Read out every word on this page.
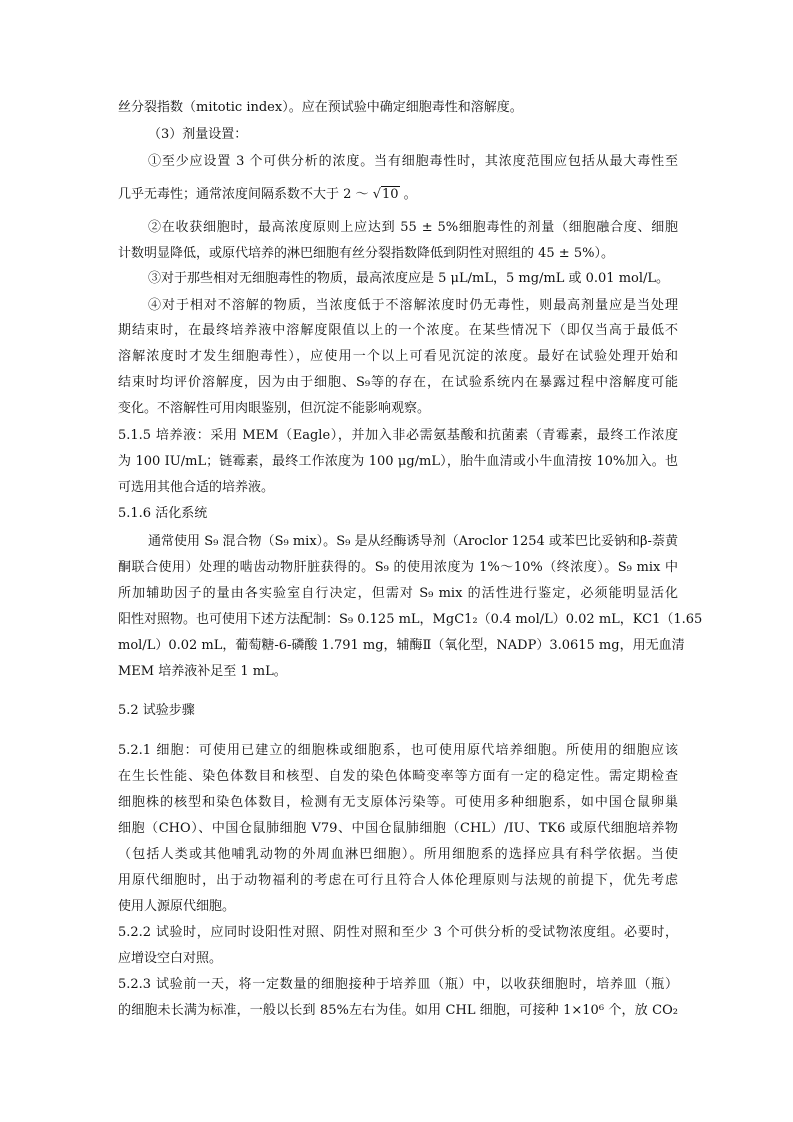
丝分裂指数（mitotic index）。应在预试验中确定细胞毒性和溶解度。
（3）剂量设置：
①至少应设置 3 个可供分析的浓度。当有细胞毒性时，其浓度范围应包括从最大毒性至
几乎无毒性；通常浓度间隔系数不大于 2 ～ √10 。
②在收获细胞时，最高浓度原则上应达到 55 ± 5%细胞毒性的剂量（细胞融合度、细胞
计数明显降低，或原代培养的淋巴细胞有丝分裂指数降低到阴性对照组的 45 ± 5%）。
③对于那些相对无细胞毒性的物质，最高浓度应是 5 μL/mL，5 mg/mL 或 0.01 mol/L。
④对于相对不溶解的物质，当浓度低于不溶解浓度时仍无毒性，则最高剂量应是当处理
期结束时，在最终培养液中溶解度限值以上的一个浓度。在某些情况下（即仅当高于最低不
溶解浓度时才发生细胞毒性），应使用一个以上可看见沉淀的浓度。最好在试验处理开始和
结束时均评价溶解度，因为由于细胞、S₉等的存在，在试验系统内在暴露过程中溶解度可能
变化。不溶解性可用肉眼鉴别，但沉淀不能影响观察。
5.1.5 培养液：采用 MEM（Eagle），并加入非必需氨基酸和抗菌素（青霉素，最终工作浓度
为 100 IU/mL；链霉素，最终工作浓度为 100 μg/mL），胎牛血清或小牛血清按 10%加入。也
可选用其他合适的培养液。
5.1.6 活化系统
通常使用 S₉ 混合物（S₉ mix）。S₉ 是从经酶诱导剂（Aroclor 1254 或苯巴比妥钠和β-萘黄
酮联合使用）处理的啮齿动物肝脏获得的。S₉ 的使用浓度为 1%～10%（终浓度）。S₉ mix 中
所加辅助因子的量由各实验室自行决定，但需对 S₉ mix 的活性进行鉴定，必须能明显活化
阳性对照物。也可使用下述方法配制：S₉ 0.125 mL，MgC1₂（0.4 mol/L）0.02 mL，KC1（1.65
mol/L）0.02 mL，葡萄糖-6-磷酸 1.791 mg，辅酶Ⅱ（氧化型，NADP）3.0615 mg，用无血清
MEM 培养液补足至 1 mL。
5.2 试验步骤
5.2.1 细胞：可使用已建立的细胞株或细胞系，也可使用原代培养细胞。所使用的细胞应该
在生长性能、染色体数目和核型、自发的染色体畸变率等方面有一定的稳定性。需定期检查
细胞株的核型和染色体数目，检测有无支原体污染等。可使用多种细胞系，如中国仓鼠卵巢
细胞（CHO）、中国仓鼠肺细胞 V79、中国仓鼠肺细胞（CHL）/IU、TK6 或原代细胞培养物
（包括人类或其他哺乳动物的外周血淋巴细胞）。所用细胞系的选择应具有科学依据。当使
用原代细胞时，出于动物福利的考虑在可行且符合人体伦理原则与法规的前提下，优先考虑
使用人源原代细胞。
5.2.2 试验时，应同时设阳性对照、阴性对照和至少 3 个可供分析的受试物浓度组。必要时，
应增设空白对照。
5.2.3 试验前一天，将一定数量的细胞接种于培养皿（瓶）中，以收获细胞时，培养皿（瓶）
的细胞未长满为标准，一般以长到 85%左右为佳。如用 CHL 细胞，可接种 1×10⁶ 个，放 CO₂
